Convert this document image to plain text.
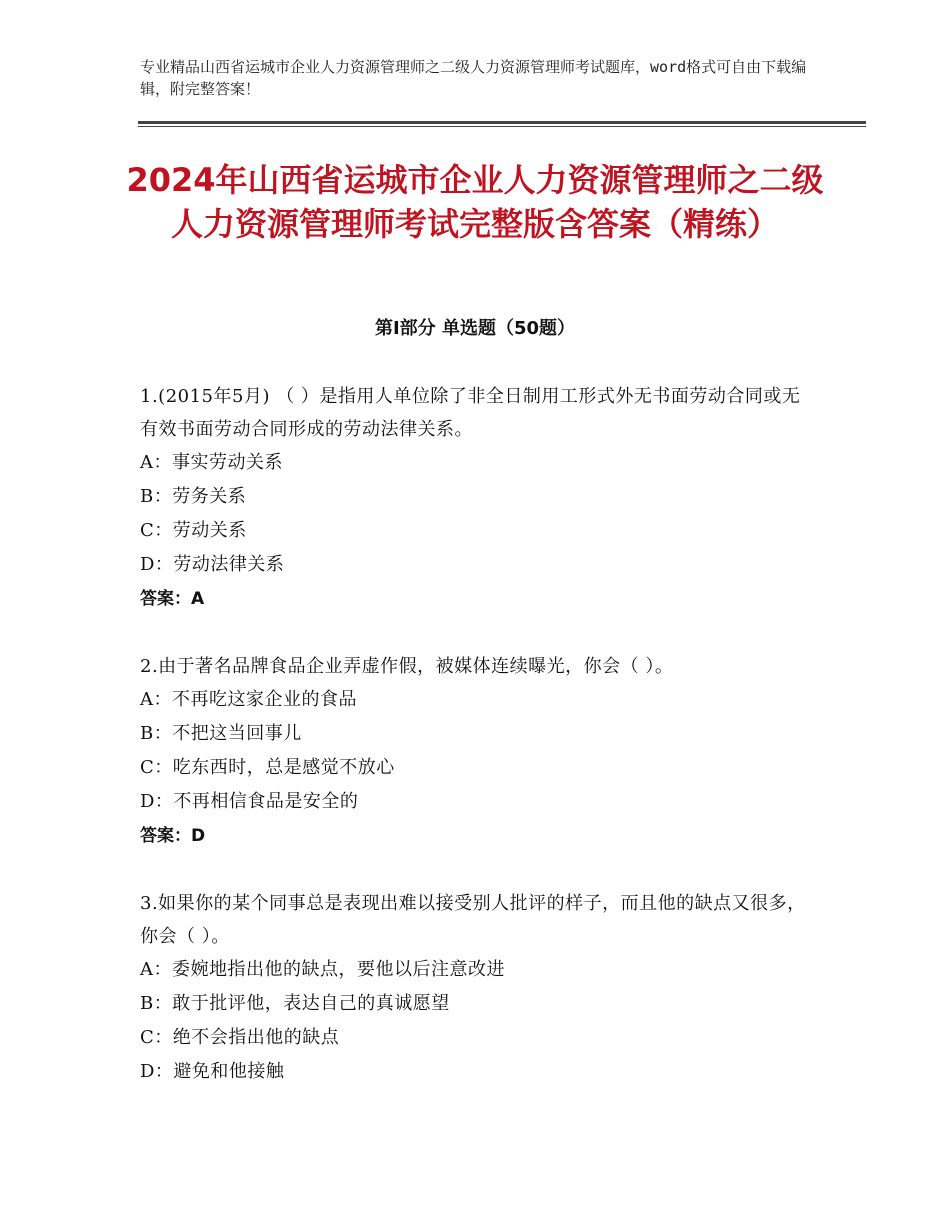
专业精品山西省运城市企业人力资源管理师之二级人力资源管理师考试题库，word格式可自由下载编辑，附完整答案！
2024年山西省运城市企业人力资源管理师之二级人力资源管理师考试完整版含答案（精练）
第Ⅰ部分 单选题（50题）
1.(2015年5月) （ ）是指用人单位除了非全日制用工形式外无书面劳动合同或无有效书面劳动合同形成的劳动法律关系。
A：事实劳动关系
B：劳务关系
C：劳动关系
D：劳动法律关系
答案：A
2.由于著名品牌食品企业弄虚作假，被媒体连续曝光，你会（ ）。
A：不再吃这家企业的食品
B：不把这当回事儿
C：吃东西时，总是感觉不放心
D：不再相信食品是安全的
答案：D
3.如果你的某个同事总是表现出难以接受别人批评的样子，而且他的缺点又很多，你会（ ）。
A：委婉地指出他的缺点，要他以后注意改进
B：敢于批评他，表达自己的真诚愿望
C：绝不会指出他的缺点
D：避免和他接触
